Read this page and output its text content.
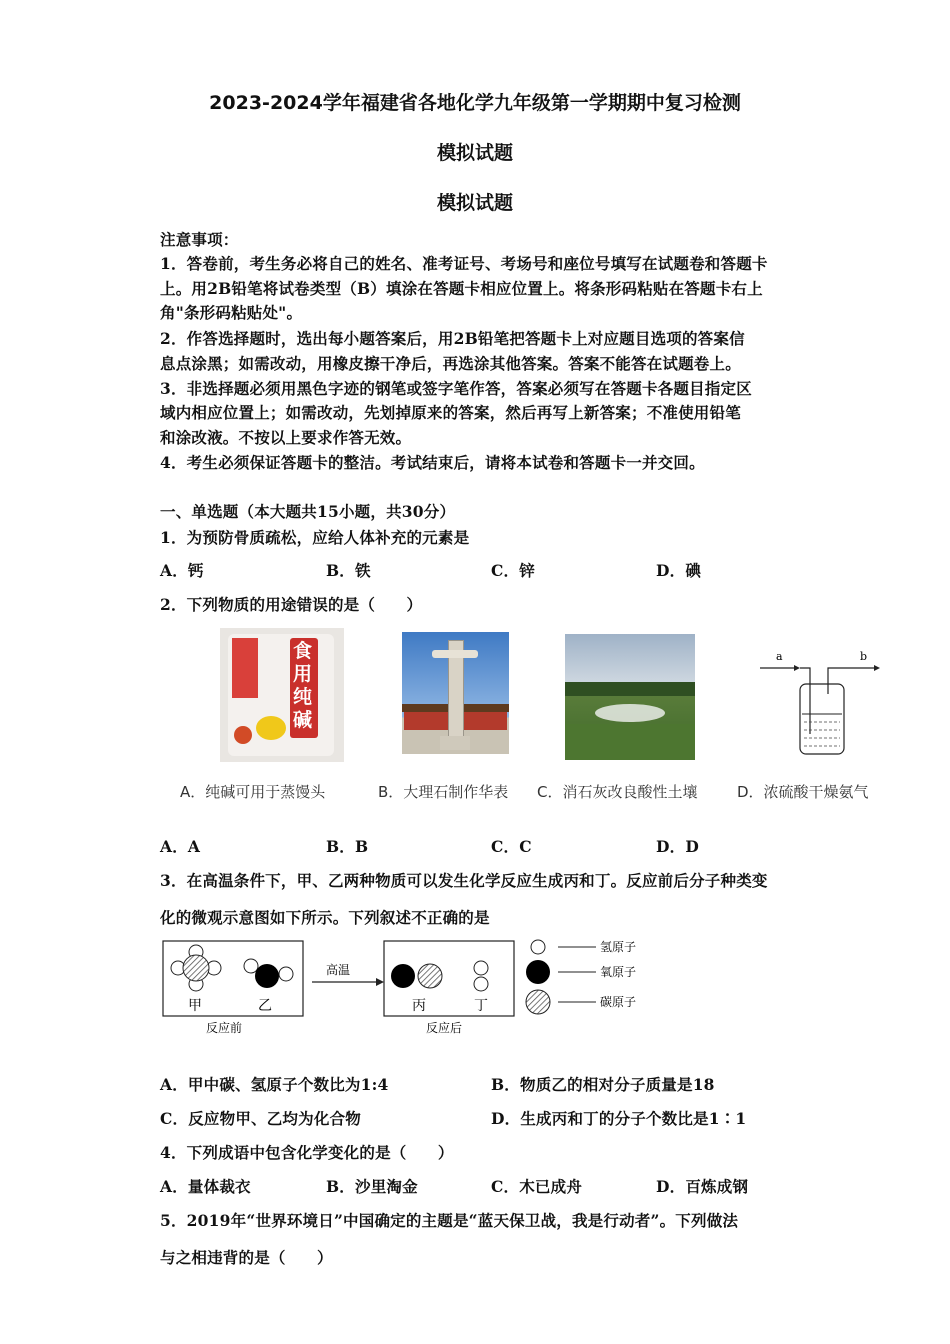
2023-2024学年福建省各地化学九年级第一学期期中复习检测
模拟试题
模拟试题
注意事项：
1．答卷前，考生务必将自己的姓名、准考证号、考场号和座位号填写在试题卷和答题卡
上。用2B铅笔将试卷类型（B）填涂在答题卡相应位置上。将条形码粘贴在答题卡右上
角"条形码粘贴处"。
2．作答选择题时，选出每小题答案后，用2B铅笔把答题卡上对应题目选项的答案信
息点涂黑；如需改动，用橡皮擦干净后，再选涂其他答案。答案不能答在试题卷上。
3．非选择题必须用黑色字迹的钢笔或签字笔作答，答案必须写在答题卡各题目指定区
域内相应位置上；如需改动，先划掉原来的答案，然后再写上新答案；不准使用铅笔
和涂改液。不按以上要求作答无效。
4．考生必须保证答题卡的整洁。考试结束后，请将本试卷和答题卡一并交回。
一、单选题（本大题共15小题，共30分）
1．为预防骨质疏松，应给人体补充的元素是
A．钙	B．铁	C．锌	D．碘
2．下列物质的用途错误的是（　　）
食用纯碱
a	b
A．纯碱可用于蒸馒头	B．大理石制作华表 C．消石灰改良酸性土壤	D．浓硫酸干燥氨气
A．A	B．B	C．C	D．D
3．在高温条件下，甲、乙两种物质可以发生化学反应生成丙和丁。反应前后分子种类变
化的微观示意图如下所示。下列叙述不正确的是
甲	乙
反应前
高温
丙	丁
反应后
氢原子
氧原子
碳原子
A．甲中碳、氢原子个数比为1:4	B．物质乙的相对分子质量是18
C．反应物甲、乙均为化合物	D．生成丙和丁的分子个数比是1∶1
4．下列成语中包含化学变化的是（　　）
A．量体裁衣	B．沙里淘金	C．木已成舟	D．百炼成钢
5．2019年“世界环境日”中国确定的主题是“蓝天保卫战，我是行动者”。下列做法
与之相违背的是（　　）
